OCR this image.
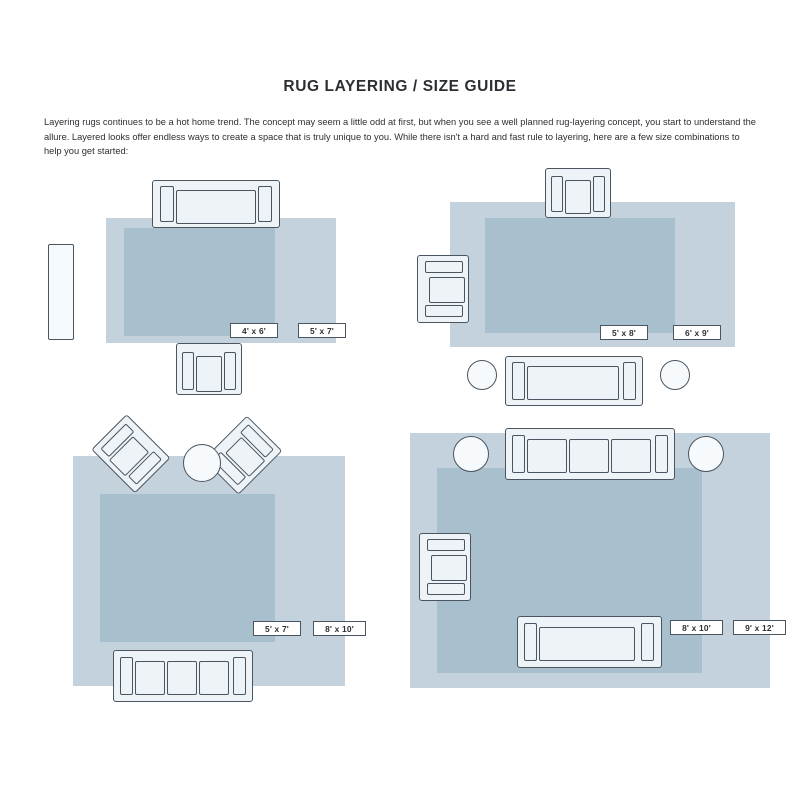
RUG LAYERING / SIZE GUIDE
Layering rugs continues to be a hot home trend. The concept may seem a little odd at first, but when you see a well planned rug-layering concept, you start to understand the allure. Layered looks offer endless ways to create a space that is truly unique to you. While there isn't a hard and fast rule to layering, here are a few size combinations to help you get started:
4' x 6'	5' x 7'	5' x 8'	6' x 9'
5' x 7'	8' x 10'	8' x 10'	9' x 12'
